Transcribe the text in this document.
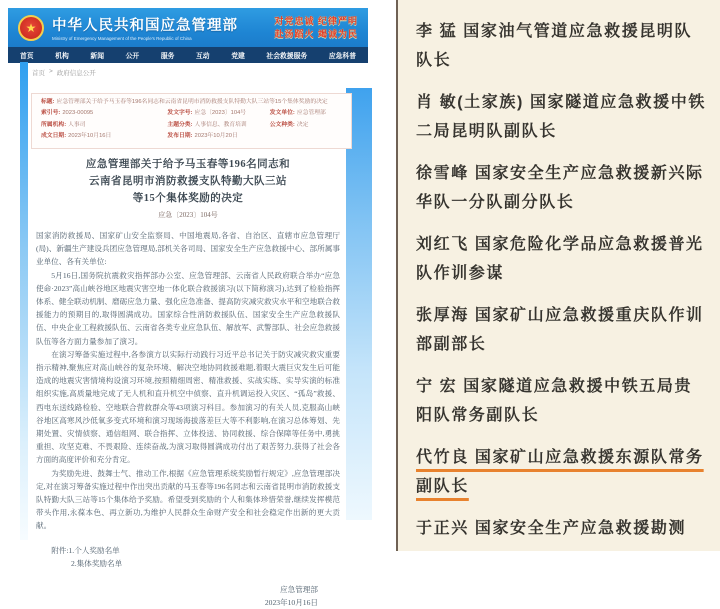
★	中华人民共和国应急管理部
Ministry of Emergency Management of the People's Republic of China
对党忠诚 纪律严明
赴汤蹈火 竭诚为民
首页	机构	新闻	公开	服务	互动	党建	社会救援服务	应急科普
首页 > 政府信息公开
标题: 应急管理部关于给予马玉春等196名同志和云南省昆明市消防救援支队特勤大队三站等15个集体奖励的决定
索引号: 2023-00095	发文字号: 应急〔2023〕104号	发文单位: 应急管理部
所属机构: 人事司	主题分类: 人事信息、教育培训	公文种类: 决定
成文日期: 2023年10月16日	发布日期: 2023年10月20日
应急管理部关于给予马玉春等196名同志和
云南省昆明市消防救援支队特勤大队三站
等15个集体奖励的决定
应急〔2023〕104号

国家消防救援局、国家矿山安全监察局、中国地震局,各省、自治区、直辖市应急管理厅(局)、新疆生产建设兵团应急管理局,部机关各司局、国家安全生产应急救援中心、部所属事业单位、各有关单位:

5月16日,国务院抗震救灾指挥部办公室、应急管理部、云南省人民政府联合举办“应急使命·2023”高山峡谷地区地震灾害空地一体化联合救援演习(以下简称演习),达到了检验指挥体系、健全联动机制、磨砺应急力量、强化应急准备、提高防灾减灾救灾水平和空地联合救援能力的预期目的,取得圆满成功。国家综合性消防救援队伍、国家安全生产应急救援队伍、中央企业工程救援队伍、云南省各类专业应急队伍、解放军、武警部队、社会应急救援队伍等各方面力量参加了演习。

在演习筹备实施过程中,各参演方以实际行动践行习近平总书记关于防灾减灾救灾重要指示精神,聚焦应对高山峡谷的复杂环境、解决空地协同救援难题,着眼大震巨灾发生后可能造成的地震灾害情境构设演习环境,按照精细周密、精准救援、实战实练、实导实演的标准组织实施,高质量地完成了无人机和直升机空中侦察、直升机调运投入灾区、“孤岛”救援、西电东送线路检验、空地联合营救群众等43项演习科目。参加演习的有关人员,克服高山峡谷地区高寒风沙低氧多变式环境和演习现场海拔落差巨大等不利影响,在演习总体筹划、先期处置、灾情侦察、通信组网、联合指挥、立体投送、协同救援、综合保障等任务中,勇挑重担、攻坚克难、不畏艰险、连续奋战,为演习取得圆满成功付出了艰苦努力,获得了社会各方面的高度评价和充分肯定。

为奖励先进、鼓舞士气、推动工作,根据《应急管理系统奖励暂行规定》,应急管理部决定,对在演习筹备实施过程中作出突出贡献的马玉春等196名同志和云南省昆明市消防救援支队特勤大队三站等15个集体给予奖励。希望受到奖励的个人和集体珍惜荣誉,继续发挥模范带头作用,永葆本色、再立新功,为维护人民群众生命财产安全和社会稳定作出新的更大贡献。

附件:1.个人奖励名单
2.集体奖励名单
应急管理部
2023年10月16日
李 猛 国家油气管道应急救援昆明队队长
肖 敏(土家族) 国家隧道应急救援中铁二局昆明队副队长
徐雪峰 国家安全生产应急救援新兴际华队一分队副分队长
刘红飞 国家危险化学品应急救援普光队作训参谋
张厚海 国家矿山应急救援重庆队作训部副部长
宁 宏 国家隧道应急救援中铁五局贵阳队常务副队长
代竹良 国家矿山应急救援东源队常务副队长
于正兴 国家安全生产应急救援勘测
